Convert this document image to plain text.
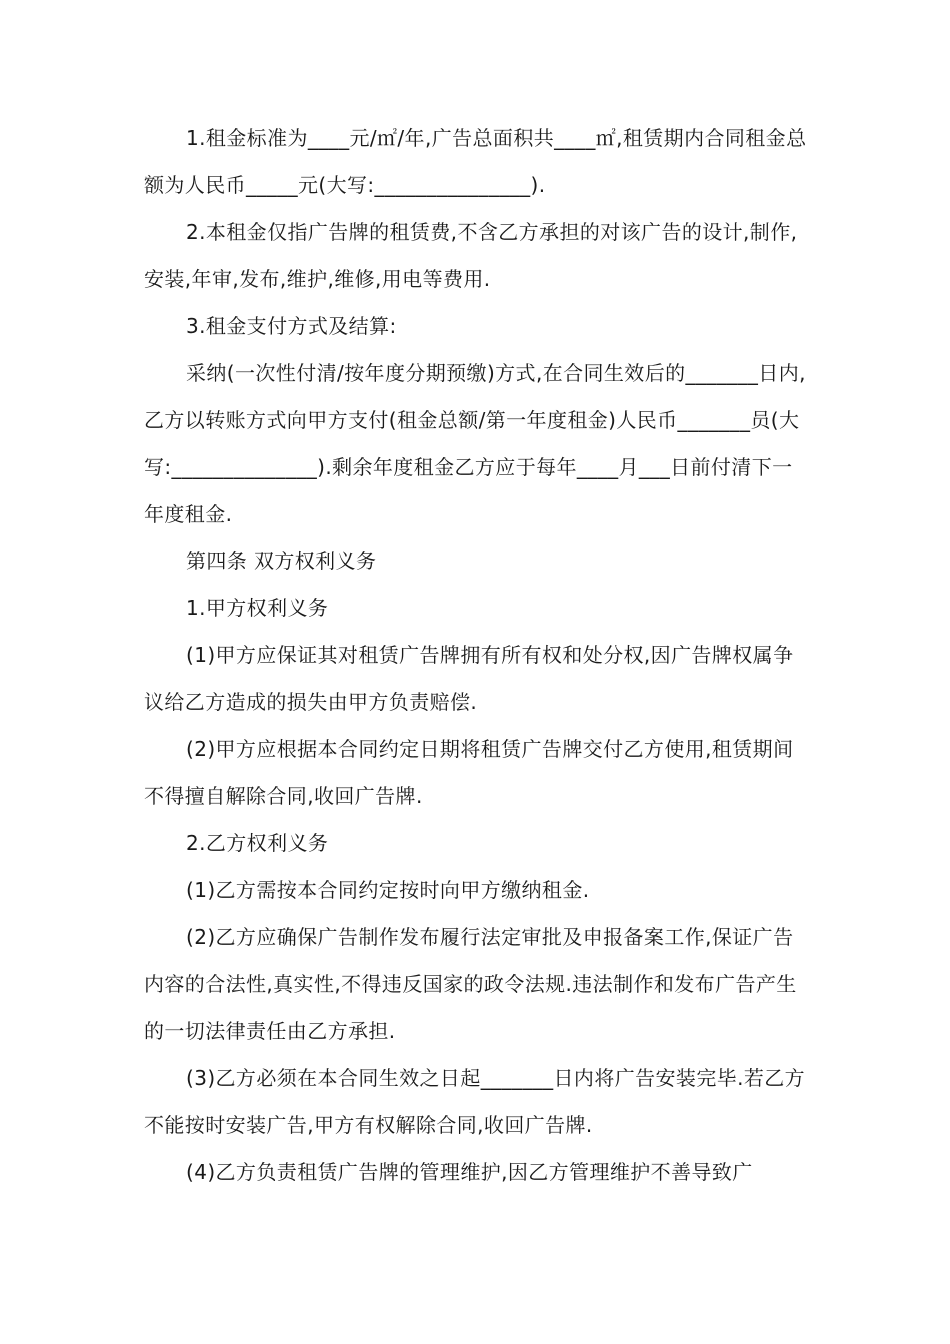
1.租金标准为____元/㎡/年,广告总面积共____㎡,租赁期内合同租金总额为人民币_____元(大写:_______________).

2.本租金仅指广告牌的租赁费,不含乙方承担的对该广告的设计,制作,安装,年审,发布,维护,维修,用电等费用.

3.租金支付方式及结算:

采纳(一次性付清/按年度分期预缴)方式,在合同生效后的_______日内,乙方以转账方式向甲方支付(租金总额/第一年度租金)人民币_______员(大写:______________).剩余年度租金乙方应于每年____月___日前付清下一年度租金.

第四条 双方权利义务

1.甲方权利义务

(1)甲方应保证其对租赁广告牌拥有所有权和处分权,因广告牌权属争议给乙方造成的损失由甲方负责赔偿.

(2)甲方应根据本合同约定日期将租赁广告牌交付乙方使用,租赁期间不得擅自解除合同,收回广告牌.

2.乙方权利义务

(1)乙方需按本合同约定按时向甲方缴纳租金.

(2)乙方应确保广告制作发布履行法定审批及申报备案工作,保证广告内容的合法性,真实性,不得违反国家的政令法规.违法制作和发布广告产生的一切法律责任由乙方承担.

(3)乙方必须在本合同生效之日起_______日内将广告安装完毕.若乙方不能按时安装广告,甲方有权解除合同,收回广告牌.

(4)乙方负责租赁广告牌的管理维护,因乙方管理维护不善导致广
